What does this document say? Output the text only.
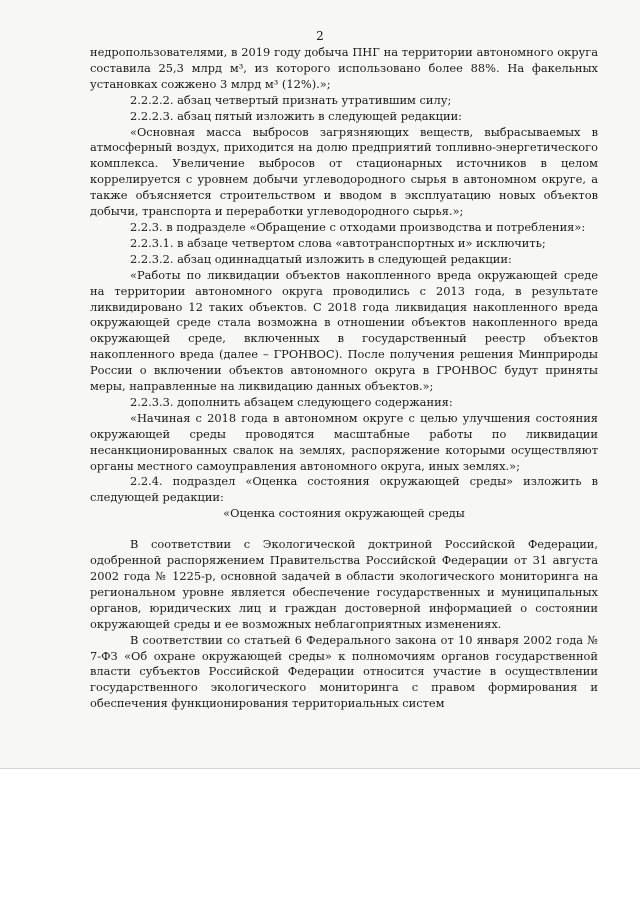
2

недропользователями, в 2019 году добыча ПНГ на территории автономного округа составила 25,3 млрд м³, из которого использовано более 88%. На факельных установках сожжено 3 млрд м³ (12%).»;

2.2.2.2. абзац четвертый признать утратившим силу;

2.2.2.3. абзац пятый изложить в следующей редакции:

«Основная масса выбросов загрязняющих веществ, выбрасываемых в атмосферный воздух, приходится на долю предприятий топливно-энергетического комплекса. Увеличение выбросов от стационарных источников в целом коррелируется с уровнем добычи углеводородного сырья в автономном округе, а также объясняется строительством и вводом в эксплуатацию новых объектов добычи, транспорта и переработки углеводородного сырья.»;

2.2.3. в подразделе «Обращение с отходами производства и потребления»:

2.2.3.1. в абзаце четвертом слова «автотранспортных и» исключить;

2.2.3.2. абзац одиннадцатый изложить в следующей редакции:

«Работы по ликвидации объектов накопленного вреда окружающей среде на территории автономного округа проводились с 2013 года, в результате ликвидировано 12 таких объектов. С 2018 года ликвидация накопленного вреда окружающей среде стала возможна в отношении объектов накопленного вреда окружающей среде, включенных в государственный реестр объектов накопленного вреда (далее – ГРОНВОС). После получения решения Минприроды России о включении объектов автономного округа в ГРОНВОС будут приняты меры, направленные на ликвидацию данных объектов.»;

2.2.3.3. дополнить абзацем следующего содержания:

«Начиная с 2018 года в автономном округе с целью улучшения состояния окружающей среды проводятся масштабные работы по ликвидации несанкционированных свалок на землях, распоряжение которыми осуществляют органы местного самоуправления автономного округа, иных землях.»;

2.2.4. подраздел «Оценка состояния окружающей среды» изложить в следующей редакции:

«Оценка состояния окружающей среды

В соответствии с Экологической доктриной Российской Федерации, одобренной распоряжением Правительства Российской Федерации от 31 августа 2002 года № 1225-р, основной задачей в области экологического мониторинга на региональном уровне является обеспечение государственных и муниципальных органов, юридических лиц и граждан достоверной информацией о состоянии окружающей среды и ее возможных неблагоприятных изменениях.

В соответствии со статьей 6 Федерального закона от 10 января 2002 года № 7-ФЗ «Об охране окружающей среды» к полномочиям органов государственной власти субъектов Российской Федерации относится участие в осуществлении государственного экологического мониторинга с правом формирования и обеспечения функционирования территориальных систем
